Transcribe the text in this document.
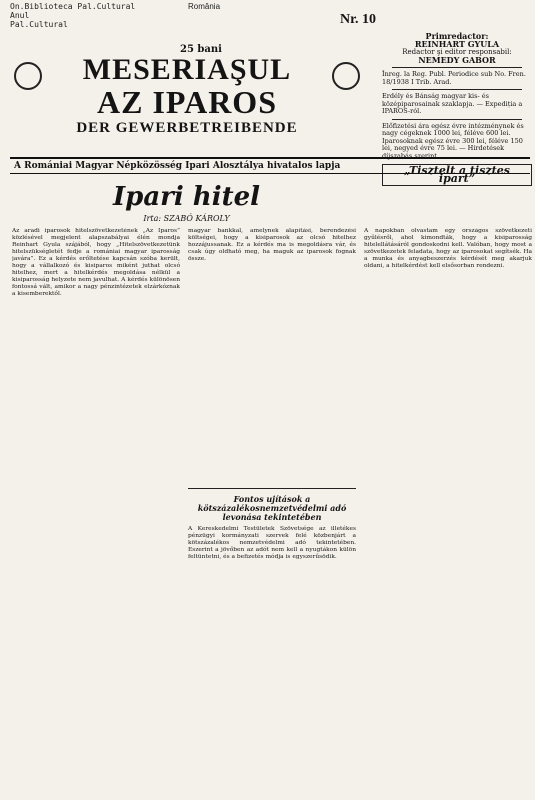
On.Biblioteca Pal.Cultural
Anul
Pal.Cultural
România
Nr. 10
25 bani
MESERIAŞUL
AZ IPAROS
DER GEWERBETREIBENDE
Primredactor:
REINHART GYULA
Redactor şi editor responsabil:
NEMEDY GABOR
Înreg. la Reg. Publ. Periodice sub No. Fren. 18/1938 I Trib. Arad.
Erdély és Bánság magyar kis- és középiparosainak szaklapja. — Expediția a IPAROS-ról.
Előfizetési ára egész évre intézménynek és nagy cégeknek 1000 lei, féléve 600 lei. Iparosoknak egész évre 300 lei, féléve 150 lei, negyed évre 75 lei. — Hirdetések díjszabás szerint.
„Tisztelt a tisztes ipart”
A Romániai Magyar Népközösség Ipari Alosztálya hivatalos lapja
Ipari hitel
Irta: SZABÓ KÁROLY
Az aradi iparosok hitelszövetkezetének „Az Iparos” közlésével megjelent alapszabályai élén mondja Reinhart Gyula szájából, hogy „Hitelszövetkezetünk hitelszükségletét fedje a romániai magyar iparosság javára”. Ez a kérdés erőltetése kapcsán szóba került, hogy a vállalkozó és kisiparos miként juthat olcsó hitelhez, mert a hitelkérdés megoldása nélkül a kisiparosság helyzete nem javulhat. A kérdés különösen fontossá vált, amikor a nagy pénzintézetek elzárkóznak a kisemberektől.
magyar bankkal, amelynek alapítási, berendezési költségei, hogy a kisiparosok az olcsó hitelhez hozzájussanak. Ez a kérdés ma is megoldásra vár, és csak úgy oldható meg, ha maguk az iparosok fognak össze.
A napokban olvastam egy országos szövetkezeti gyűlésről, ahol kimondták, hogy a kisiparosság hitelellátásáról gondoskodni kell. Valóban, hogy most a szövetkezetek feladata, hogy az iparosokat segítsék. Ha a munka és anyagbeszerzés kérdését meg akarjuk oldani, a hitelkérdést kell elsősorban rendezni.
Fontos ujítások a kötszázalékosnemzetvédelmi adó levonása tekintetében
A Kereskedelmi Testületek Szövetsége az illetékes pénzügyi kormányzati szervek felé közbenjárt a kötszázalékos nemzetvédelmi adó tekintetében. Eszerint a jövőben az adót nem kell a nyugtákon külön feltüntetni, és a befizetés módja is egyszerűsödik.
